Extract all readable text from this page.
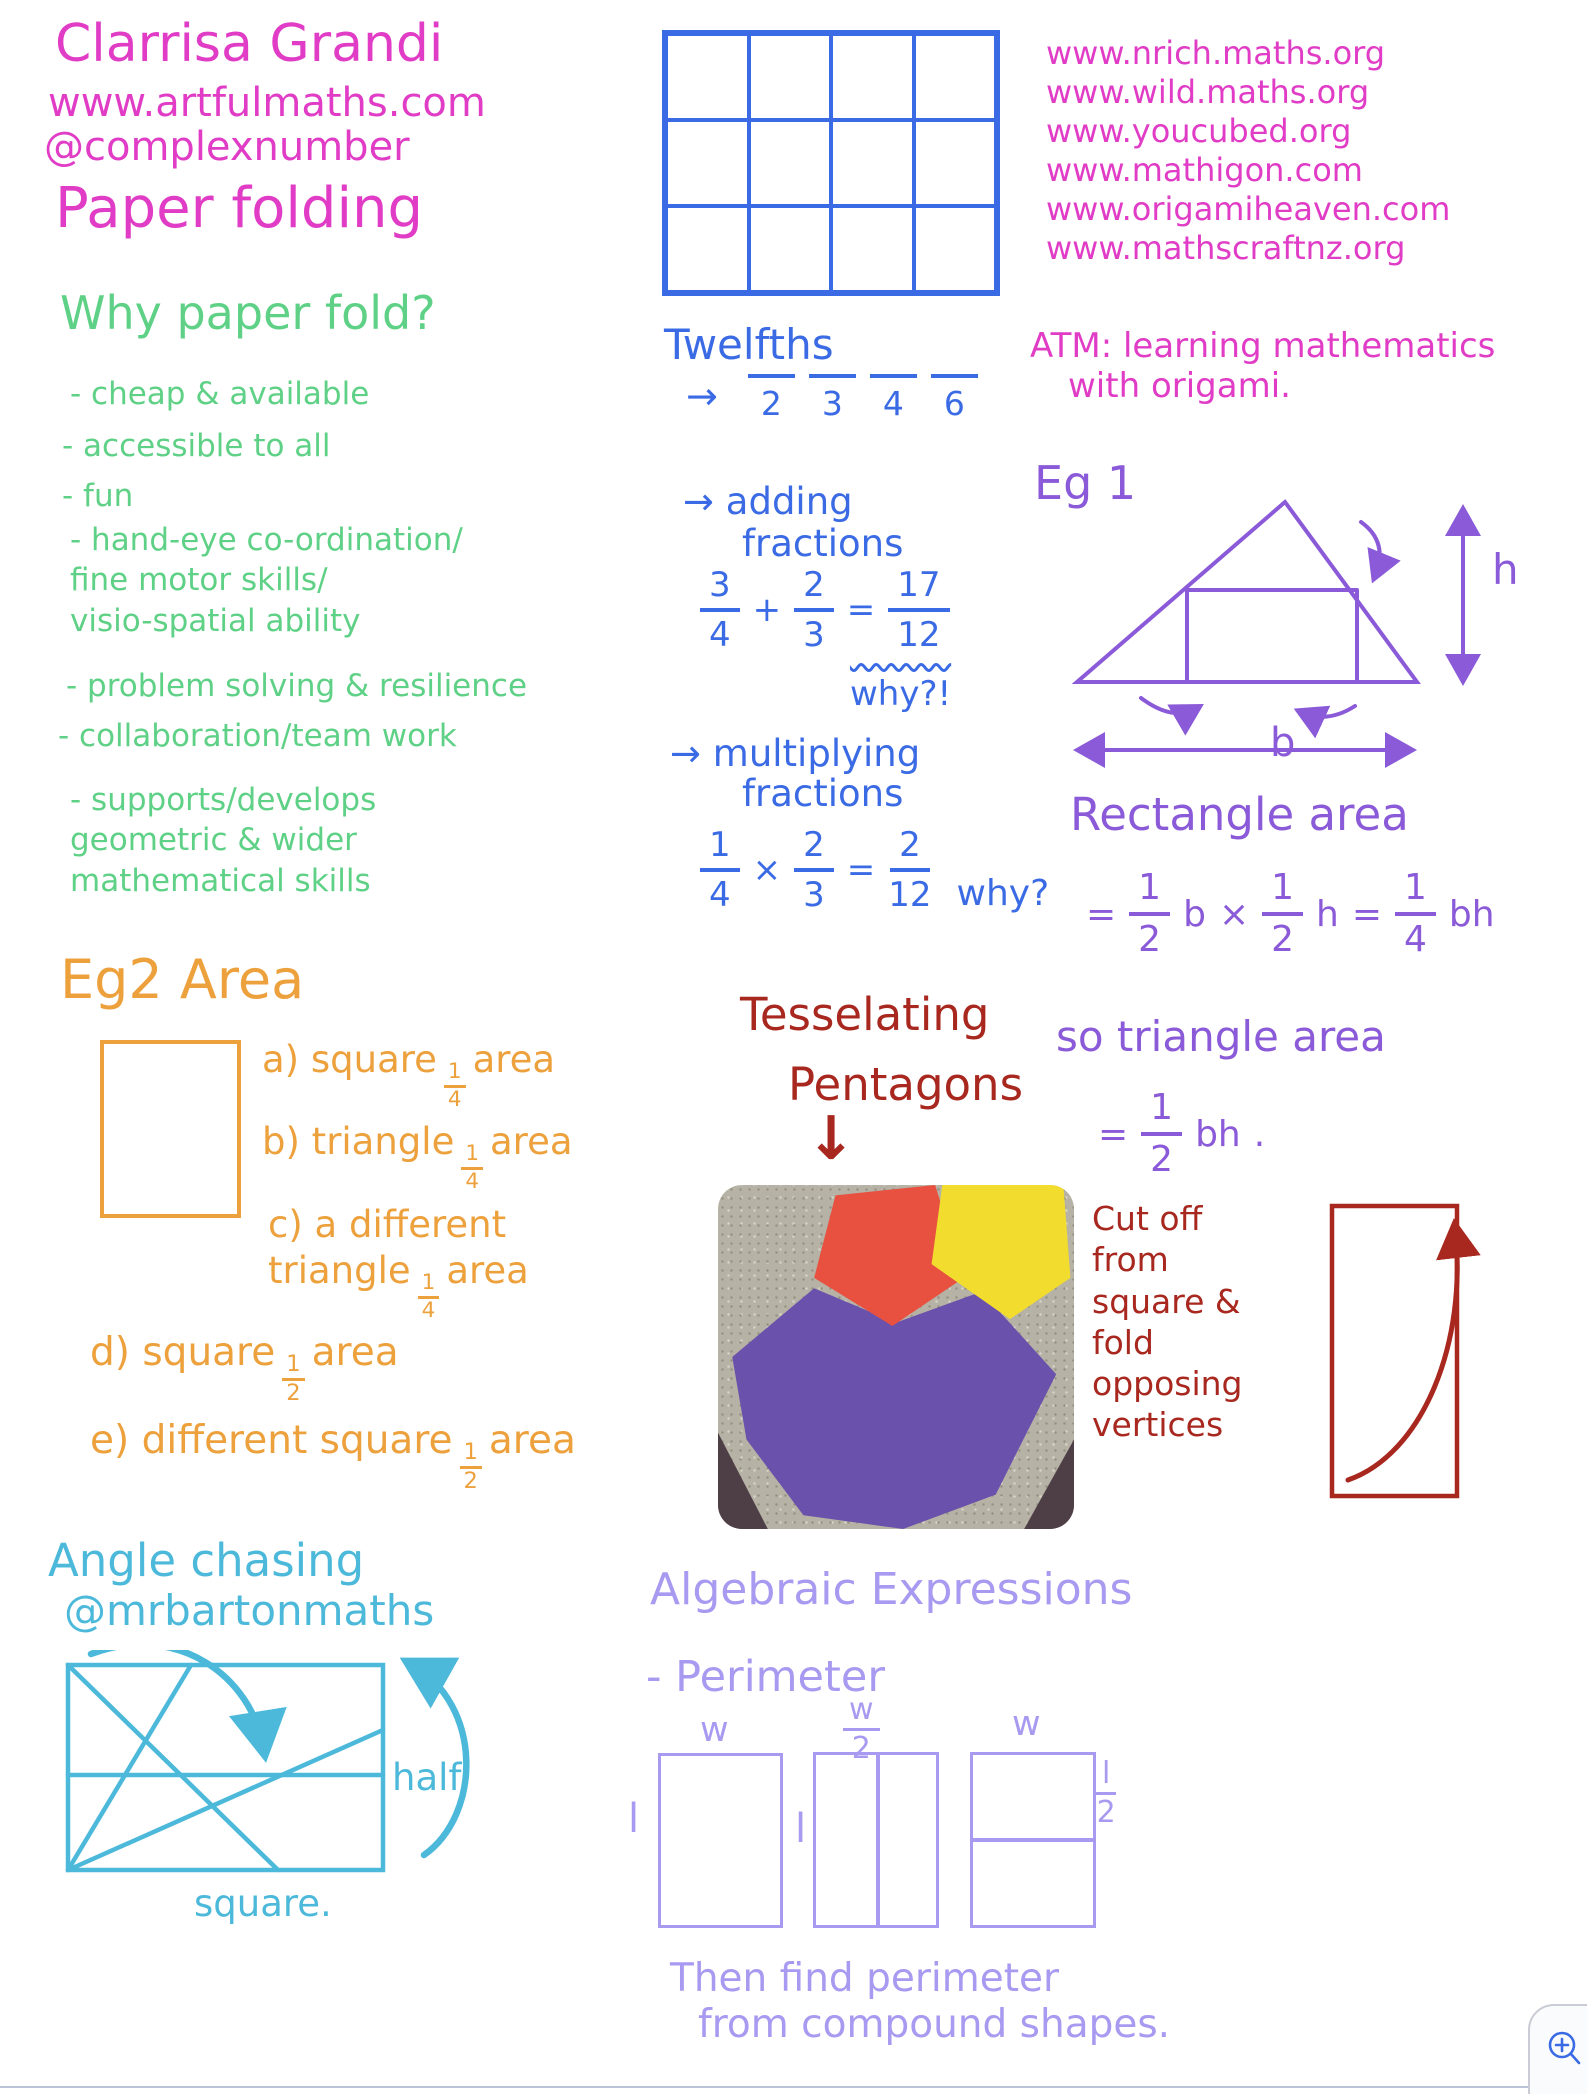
Clarrisa Grandi
www.artfulmaths.com
@complexnumber
Paper folding
Why paper fold?
- cheap & available
- accessible to all
- fun
- hand-eye co-ordination/
fine motor skills/
visio-spatial ability
- problem solving & resilience
- collaboration/team work
- supports/develops
geometric & wider
mathematical skills
Twelfths
→	2	3	4	6
→ adding
fractions
$\frac{3}{4} + \frac{2}{3} = \frac{17}{12}$
why?!
→ multiplying
fractions
$\frac{1}{4} \times \frac{2}{3} = \frac{2}{12}$ why?
www.nrich.maths.org
www.wild.maths.org
www.youcubed.org
www.mathigon.com
www.origamiheaven.com
www.mathscraftnz.org
ATM: learning mathematics
with origami.
Eg 1
h
b
Rectangle area
= $\frac{1}{2}$ $b \times \frac{1}{2}$ $h = \frac{1}{4}$ bh
so triangle area
= $\frac{1}{2}$ bh .
Eg2 Area
a) square
$\frac{1}{4}$
area
b) triangle
$\frac{1}{4}$
area
c) a different
triangle
$\frac{1}{4}$
area
d) square
$\frac{1}{2}$
area
e) different square
$\frac{1}{2}$
area
Tesselating
Pentagons
↓
Cut off
from
square &
fold
opposing
vertices
Angle chasing
@mrbartonmaths
half.
square.
Algebraic Expressions
- Perimeter
w
l
$\frac{w}{2}$
l
w
$\frac{l}{2}$
Then find perimeter
from compound shapes.
